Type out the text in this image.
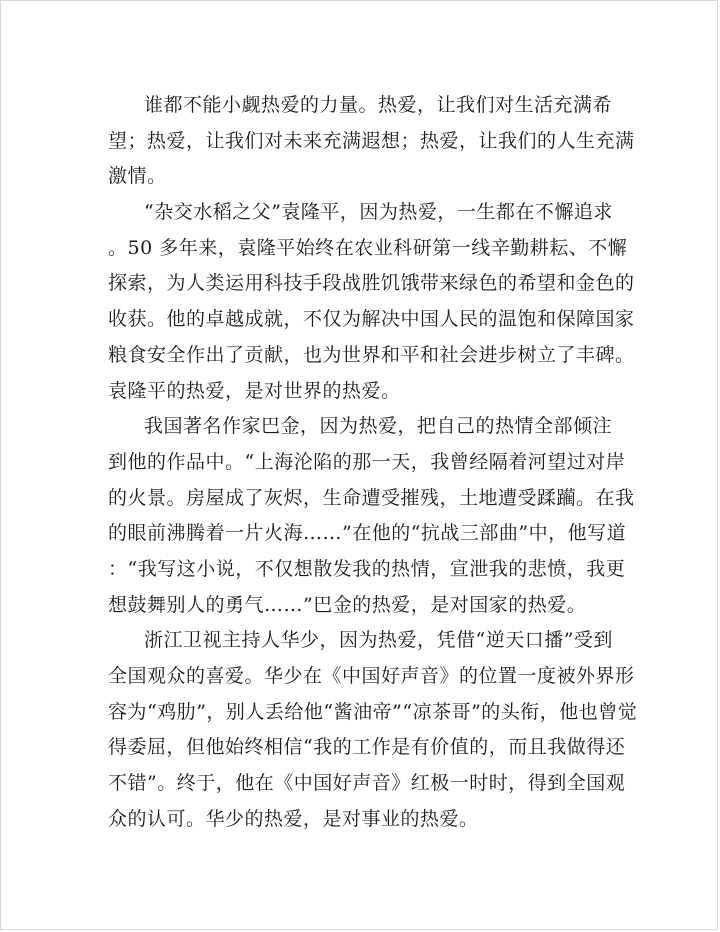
谁都不能小觑热爱的力量。热爱，让我们对生活充满希
望；热爱，让我们对未来充满遐想；热爱，让我们的人生充满
激情。
“杂交水稻之父”袁隆平，因为热爱，一生都在不懈追求
。50 多年来，袁隆平始终在农业科研第一线辛勤耕耘、不懈
探索，为人类运用科技手段战胜饥饿带来绿色的希望和金色的
收获。他的卓越成就，不仅为解决中国人民的温饱和保障国家
粮食安全作出了贡献，也为世界和平和社会进步树立了丰碑。
袁隆平的热爱，是对世界的热爱。
我国著名作家巴金，因为热爱，把自己的热情全部倾注
到他的作品中。“上海沦陷的那一天，我曾经隔着河望过对岸
的火景。房屋成了灰烬，生命遭受摧残，土地遭受蹂躏。在我
的眼前沸腾着一片火海……”在他的“抗战三部曲”中，他写道
：“我写这小说，不仅想散发我的热情，宣泄我的悲愤，我更
想鼓舞别人的勇气……”巴金的热爱，是对国家的热爱。
浙江卫视主持人华少，因为热爱，凭借“逆天口播”受到
全国观众的喜爱。华少在《中国好声音》的位置一度被外界形
容为“鸡肋”，别人丢给他“酱油帝”“凉茶哥”的头衔，他也曾觉
得委屈，但他始终相信“我的工作是有价值的，而且我做得还
不错”。终于，他在《中国好声音》红极一时时，得到全国观
众的认可。华少的热爱，是对事业的热爱。
